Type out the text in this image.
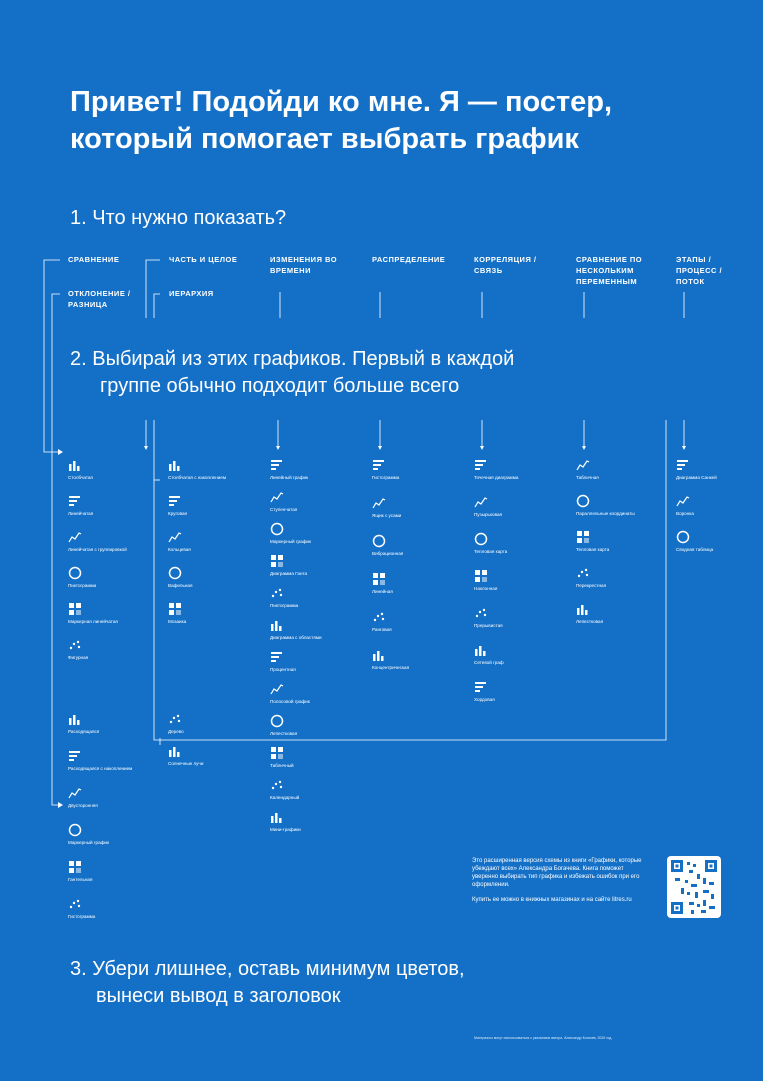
Привет! Подойди ко мне. Я — постер, который помогает выбрать график

1. Что нужно показать?

СРАВНЕНИЕ
ОТКЛОНЕНИЕ / РАЗНИЦА
ЧАСТЬ И ЦЕЛОЕ
ИЕРАРХИЯ
ИЗМЕНЕНИЯ ВО ВРЕМЕНИ
РАСПРЕДЕЛЕНИЕ	КОРРЕЛЯЦИЯ / СВЯЗЬ
СРАВНЕНИЕ ПО НЕСКОЛЬКИМ ПЕРЕМЕННЫМ
ЭТАПЫ / ПРОЦЕСС / ПОТОК

2. Выбирай из этих графиков. Первый в каждой

группе обычно подходит больше всего

Столбчатая
Линейчатая
Линейчатая с группировкой
Пиктограмма
Маркерная линейчатая
Фигурная
Расходящаяся
Расходящаяся с накоплением
Двусторонняя
Маркерный график
Гантельная
Гистограмма
Столбчатая с накоплением
Круговая
Кольцевая
Вафельная
Мозаика
Дерево
Солнечные лучи
Линейный график
Ступенчатая
Маркерный график
Диаграмма Ганта
Пиктограмма
Диаграмма с областями
Процентная
Полосовой график
Лепестковая
Табличный
Календарный
Мини-графики
Гистограмма
Ящик с усами
Вибрационная
Линейная
Ранговая
Концентрическая
Точечная диаграмма
Пузырьковая
Тепловая карта
Наклонная
Прерывистая
Сетевой граф
Хордовая
Табличная
Параллельные координаты
Тепловая карта
Перекрестная
Лепестковая
Диаграмма Санкей
Воронка
Сводная таблица

Это расширенная версия схемы из книги «Графики, которые убеждают всех» Александра Богачева. Книга поможет уверенно выбирать тип графика и избежать ошибок при его оформлении.

Купить ее можно в книжных магазинах и на сайте litres.ru

3. Убери лишнее, оставь минимум цветов,

вынеси вывод в заголовок

Материалы могут использоваться с указанием автора. Александр Богачев, 2020 год.
